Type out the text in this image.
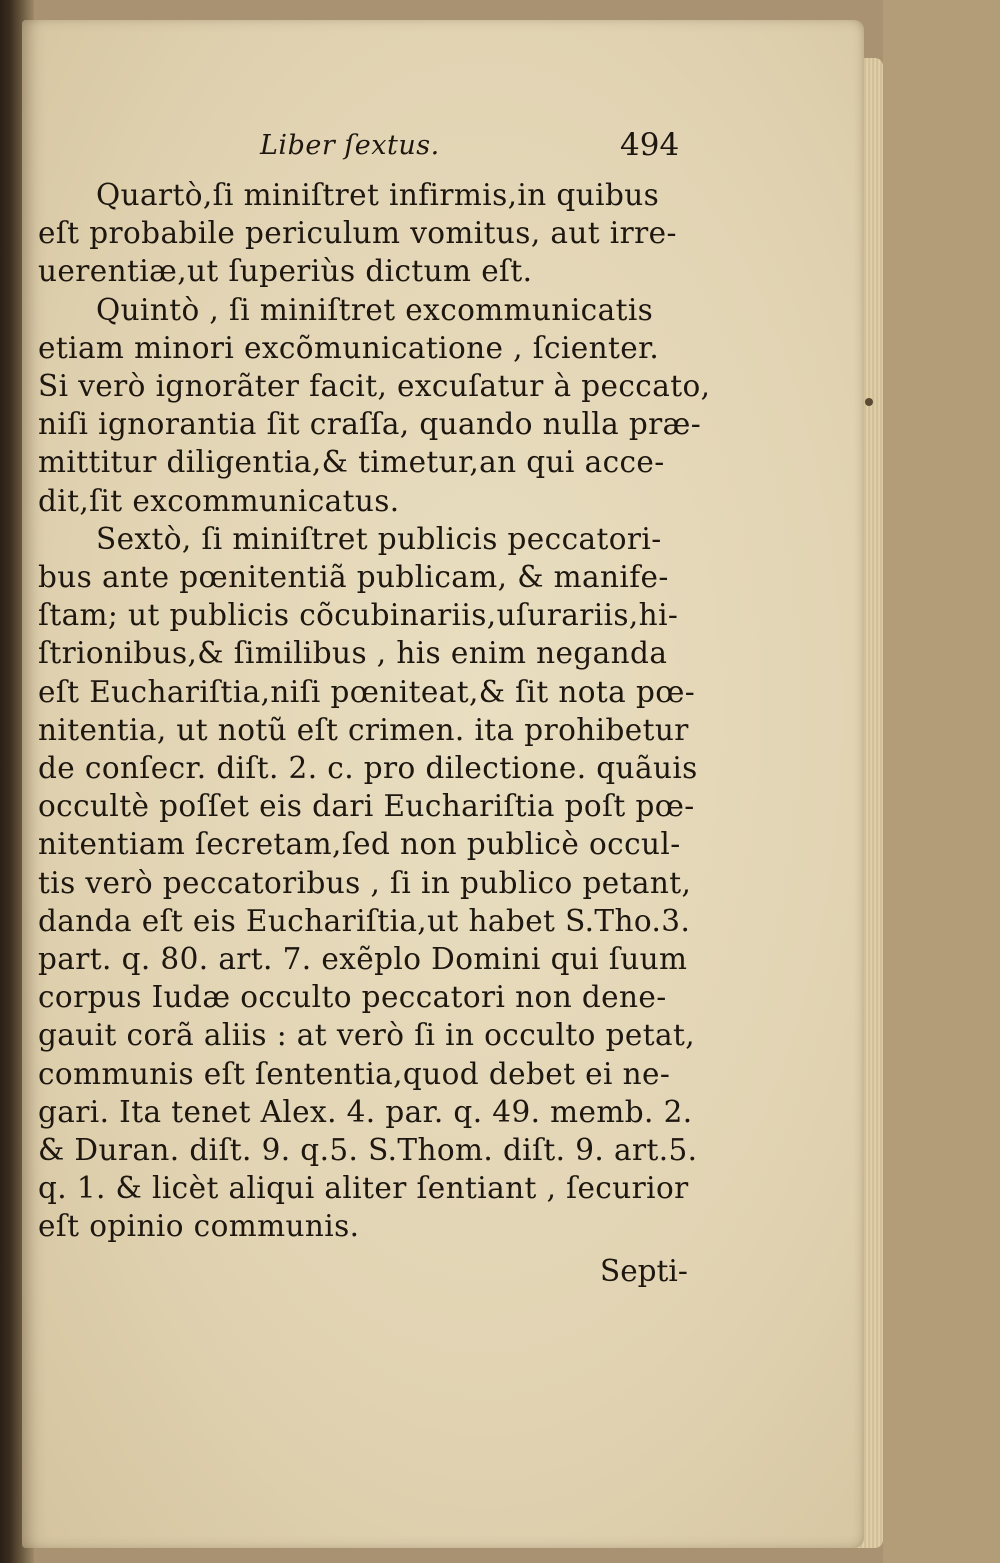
Liber ſextus.	494
Quartò,ſi miniſtret infirmis,in quibus
eſt probabile periculum vomitus, aut irre-
uerentiæ,ut ſuperiùs dictum eſt.
Quintò , ſi miniſtret excommunicatis
etiam minori excõmunicatione , ſcienter.
Si verò ignorãter facit, excuſatur à peccato,
niſi ignorantia ſit craſſa, quando nulla præ-
mittitur diligentia,& timetur,an qui acce-
dit,ſit excommunicatus.
Sextò, ſi miniſtret publicis peccatori-
bus ante pœnitentiã publicam, & manife-
ſtam; ut publicis cõcubinariis,uſurariis,hi-
ſtrionibus,& ſimilibus , his enim neganda
eſt Euchariſtia,niſi pœniteat,& ſit nota pœ-
nitentia, ut notũ eſt crimen. ita prohibetur
de conſecr. diſt. 2. c. pro dilectione. quãuis
occultè poſſet eis dari Euchariſtia poſt pœ-
nitentiam ſecretam,ſed non publicè occul-
tis verò peccatoribus , ſi in publico petant,
danda eſt eis Euchariſtia,ut habet S.Tho.3.
part. q. 80. art. 7. exẽplo Domini qui ſuum
corpus Iudæ occulto peccatori non dene-
gauit corã aliis : at verò ſi in occulto petat,
communis eſt ſententia,quod debet ei ne-
gari. Ita tenet Alex. 4. par. q. 49. memb. 2.
& Duran. diſt. 9. q.5. S.Thom. diſt. 9. art.5.
q. 1. & licèt aliqui aliter ſentiant , ſecurior
eſt opinio communis.
Septi-
